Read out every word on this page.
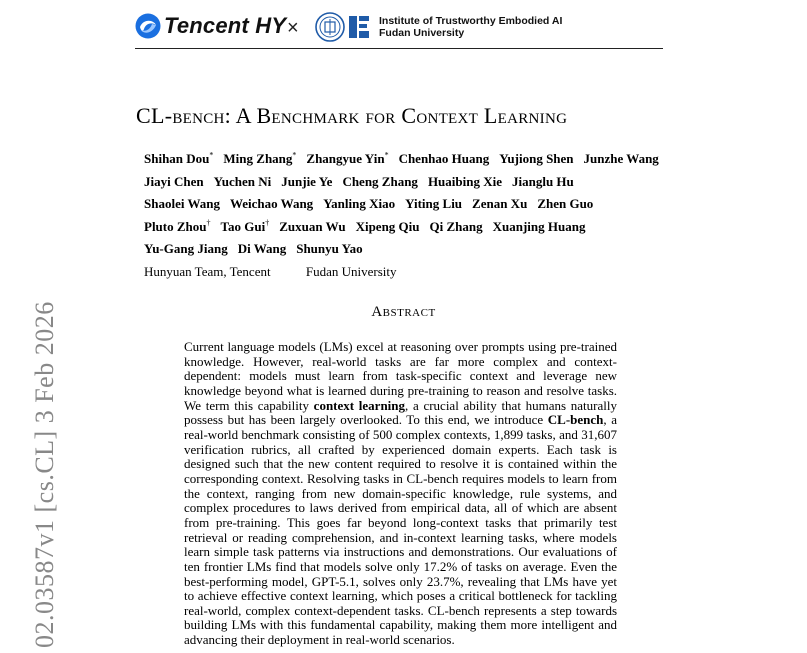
Tencent HY ×	Institute of Trustworthy Embodied AI
Fudan University
CL-bench: A Benchmark for Context Learning
Shihan Dou* Ming Zhang* Zhangyue Yin* Chenhao Huang Yujiong Shen Junzhe Wang
Jiayi Chen Yuchen Ni Junjie Ye Cheng Zhang Huaibing Xie Jianglu Hu
Shaolei Wang Weichao Wang Yanling Xiao Yiting Liu Zenan Xu Zhen Guo
Pluto Zhou† Tao Gui† Zuxuan Wu Xipeng Qiu Qi Zhang Xuanjing Huang
Yu-Gang Jiang Di Wang Shunyu Yao
Hunyuan Team, Tencent	Fudan University
Abstract
Current language models (LMs) excel at reasoning over prompts using pre-trained knowledge. However, real-world tasks are far more complex and context-dependent: models must learn from task-specific context and leverage new knowledge beyond what is learned during pre-training to reason and resolve tasks. We term this capability context learning, a crucial ability that humans naturally possess but has been largely overlooked. To this end, we introduce CL-bench, a real-world benchmark consisting of 500 complex contexts, 1,899 tasks, and 31,607 verification rubrics, all crafted by experienced domain experts. Each task is designed such that the new content required to resolve it is contained within the corresponding context. Resolving tasks in CL-bench requires models to learn from the context, ranging from new domain-specific knowledge, rule systems, and complex procedures to laws derived from empirical data, all of which are absent from pre-training. This goes far beyond long-context tasks that primarily test retrieval or reading comprehension, and in-context learning tasks, where models learn simple task patterns via instructions and demonstrations. Our evaluations of ten frontier LMs find that models solve only 17.2% of tasks on average. Even the best-performing model, GPT-5.1, solves only 23.7%, revealing that LMs have yet to achieve effective context learning, which poses a critical bottleneck for tackling real-world, complex context-dependent tasks. CL-bench represents a step towards building LMs with this fundamental capability, making them more intelligent and advancing their deployment in real-world scenarios.
02.03587v1 [cs.CL] 3 Feb 2026
